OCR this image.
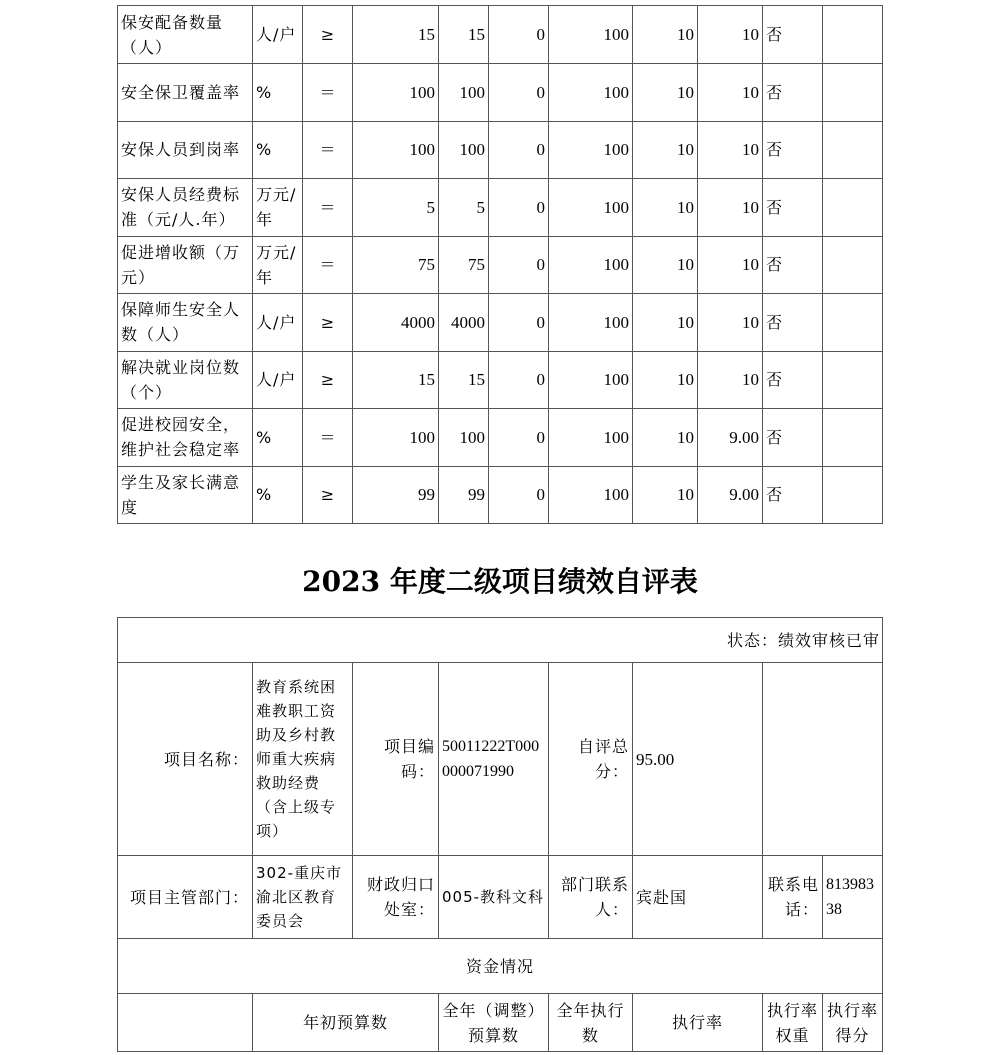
保安配备数量（人）	人/户	≥	15	15	0	100	10	10	否	
安全保卫覆盖率	%	＝	100	100	0	100	10	10	否	
安保人员到岗率	%	＝	100	100	0	100	10	10	否	
安保人员经费标准（元/人.年）	万元/年	＝	5	5	0	100	10	10	否	
促进增收额（万元）	万元/年	＝	75	75	0	100	10	10	否	
保障师生安全人数（人）	人/户	≥	4000	4000	0	100	10	10	否	
解决就业岗位数（个）	人/户	≥	15	15	0	100	10	10	否	
促进校园安全，维护社会稳定率	%	＝	100	100	0	100	10	9.00	否	
学生及家长满意度	%	≥	99	99	0	100	10	9.00	否	
2023 年度二级项目绩效自评表
状态：绩效审核已审							
项目名称：	教育系统困难教职工资助及乡村教师重大疾病救助经费（含上级专项）	项目编码：	50011222T000000071990	自评总分：	95.00		
项目主管部门：	302-重庆市渝北区教育委员会	财政归口处室：	005-教科文科	部门联系人：	宾赴国	联系电话：	81398338
资金情况							
	年初预算数		全年（调整）预算数	全年执行数	执行率	执行率权重	执行率得分
